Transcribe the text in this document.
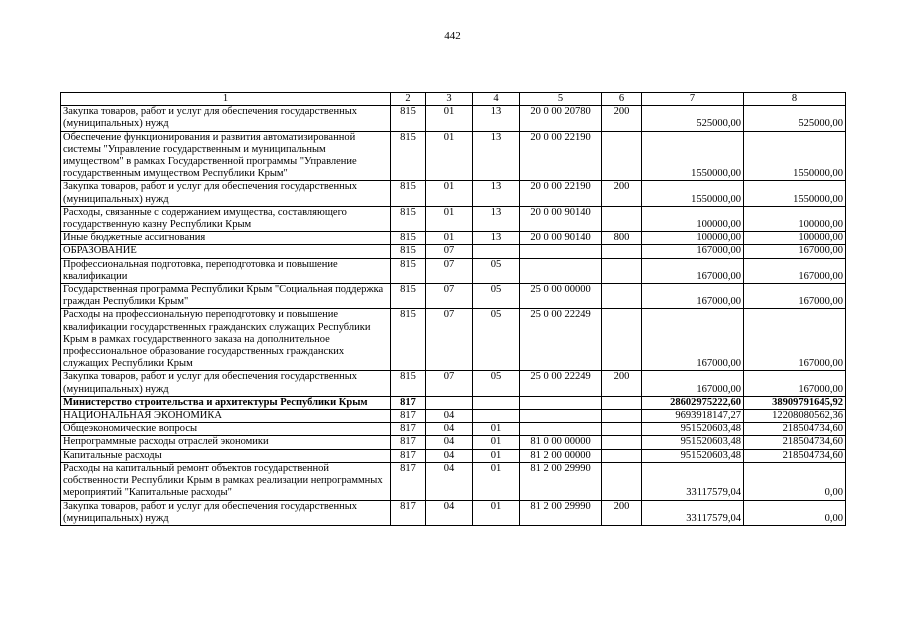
442
1	2	3	4	5	6	7	8
Закупка товаров, работ и услуг для обеспечения государственных (муниципальных) нужд	815	01	13	20 0 00 20780	200	525000,00	525000,00
Обеспечение функционирования и развития автоматизированной системы "Управление государственным и муниципальным имуществом" в рамках Государственной программы "Управление государственным имуществом Республики Крым"	815	01	13	20 0 00 22190		1550000,00	1550000,00
Закупка товаров, работ и услуг для обеспечения государственных (муниципальных) нужд	815	01	13	20 0 00 22190	200	1550000,00	1550000,00
Расходы, связанные с содержанием имущества, составляющего государственную казну Республики Крым	815	01	13	20 0 00 90140		100000,00	100000,00
Иные бюджетные ассигнования	815	01	13	20 0 00 90140	800	100000,00	100000,00
ОБРАЗОВАНИЕ	815	07				167000,00	167000,00
Профессиональная подготовка, переподготовка и повышение квалификации	815	07	05			167000,00	167000,00
Государственная программа Республики Крым "Социальная поддержка граждан Республики Крым"	815	07	05	25 0 00 00000		167000,00	167000,00
Расходы на профессиональную переподготовку и повышение квалификации государственных гражданских служащих Республики Крым в рамках государственного заказа на дополнительное профессиональное образование государственных гражданских служащих Республики Крым	815	07	05	25 0 00 22249		167000,00	167000,00
Закупка товаров, работ и услуг для обеспечения государственных (муниципальных) нужд	815	07	05	25 0 00 22249	200	167000,00	167000,00
Министерство строительства и архитектуры Республики Крым	817					28602975222,60	38909791645,92
НАЦИОНАЛЬНАЯ ЭКОНОМИКА	817	04				9693918147,27	12208080562,36
Общеэкономические вопросы	817	04	01			951520603,48	218504734,60
Непрограммные расходы отраслей экономики	817	04	01	81 0 00 00000		951520603,48	218504734,60
Капитальные расходы	817	04	01	81 2 00 00000		951520603,48	218504734,60
Расходы на капитальный ремонт объектов государственной собственности Республики Крым в рамках реализации непрограммных мероприятий "Капитальные расходы"	817	04	01	81 2 00 29990		33117579,04	0,00
Закупка товаров, работ и услуг для обеспечения государственных (муниципальных) нужд	817	04	01	81 2 00 29990	200	33117579,04	0,00
